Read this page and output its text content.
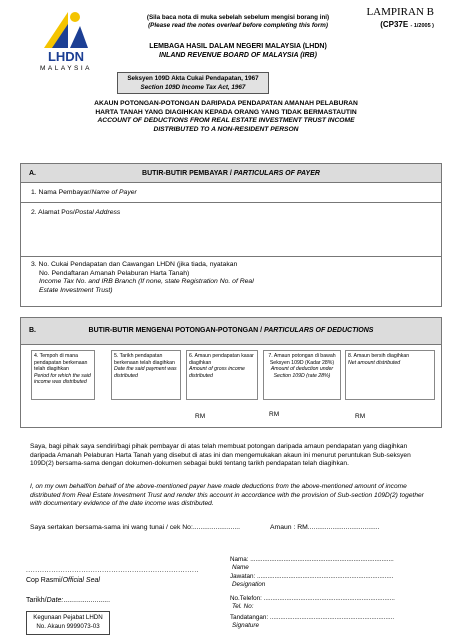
LHDN
MALAYSIA
(Sila baca nota di muka sebelah sebelum mengisi borang ini)
(Please read the notes overleaf before completing this form)
LAMPIRAN B
(CP37E - 1/2005 )
LEMBAGA HASIL DALAM NEGERI MALAYSIA (LHDN)
INLAND REVENUE BOARD OF MALAYSIA (IRB)
Seksyen 109D Akta Cukai Pendapatan, 1967
Section 109D Income Tax Act, 1967
AKAUN POTONGAN-POTONGAN DARIPADA PENDAPATAN AMANAH PELABURAN
HARTA TANAH YANG DIAGIHKAN KEPADA ORANG YANG TIDAK BERMASTAUTIN
ACCOUNT OF DEDUCTIONS FROM REAL ESTATE INVESTMENT TRUST INCOME
DISTRIBUTED TO A NON-RESIDENT PERSON
A.	BUTIR-BUTIR PEMBAYAR / PARTICULARS OF PAYER
1. Nama Pembayar/Name of Payer
2. Alamat Pos/Postal Address
3. No. Cukai Pendapatan dan Cawangan LHDN (jika tiada, nyatakan
No. Pendaftaran Amanah Pelaburan Harta Tanah)
Income Tax No. and IRB Branch (If none, state Registration No. of Real
Estate Investment Trust)
B.	BUTIR-BUTIR MENGENAI POTONGAN-POTONGAN / PARTICULARS OF DEDUCTIONS
4. Tempoh di mana pendapatan berkenaan telah diagihkan
Period for which the said income was distributed
5. Tarikh pendapatan berkenaan telah diagihkan
Date the said payment was distributed
6. Amaun pendapatan kasar diagihkan
Amount of gross income distributed
7. Amaun potongan di bawah Seksyen 109D (Kadar 28%)
Amount of deduction under Section 109D (rate 28%)
8. Amaun bersih diagihkan
Net amount distributed
RM	RM	RM
Saya, bagi pihak saya sendiri/bagi pihak pembayar di atas telah membuat potongan daripada amaun pendapatan yang diagihkan daripada Amanah Pelaburan Harta Tanah yang disebut di atas ini dan mengemukakan akaun ini menurut peruntukan Sub-seksyen 109D(2) bersama-sama dengan dokumen-dokumen sebagai bukti tentang tarikh pendapatan telah diagihkan.
I, on my own behalf/on behalf of the above-mentioned payer have made deductions from the above-mentioned amount of income distributed from Real Estate Investment Trust and render this account in accordance with the provision of Sub-section 109D(2) together with documentary evidence of the date income was distributed.
Saya sertakan bersama-sama ini wang tunai / cek No:.........................	Amaun : RM......................................
...........................................................................
Cop Rasmi/Official Seal
Tarikh/Date:........................
Kegunaan Pejabat LHDN
No. Akaun 9999073-03
Nama: ..................................................................................
Name
Jawatan: ..............................................................................
Designation
No.Telefon: ...........................................................................
Tel. No:
Tandatangan: .......................................................................
Signature
